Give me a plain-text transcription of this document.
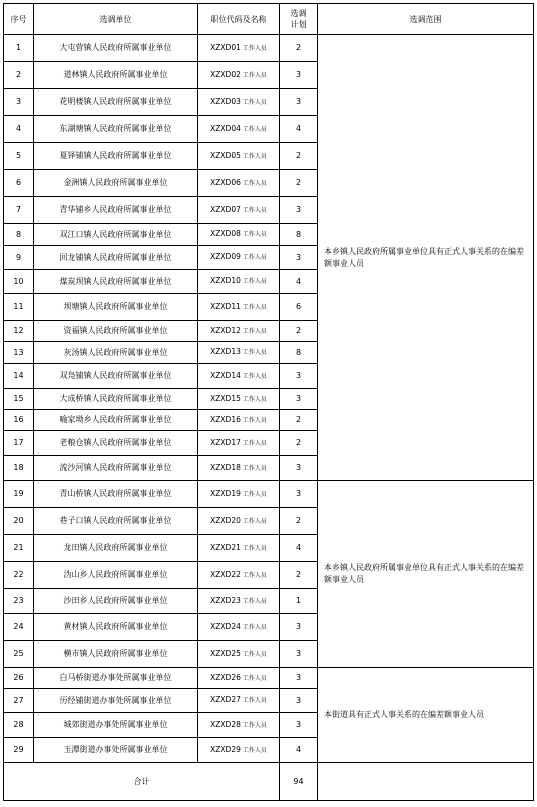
序号	选调单位	职位代码及名称	选调
计划	选调范围
1	大屯营镇人民政府所属事业单位	XZXD01 工作人员	2	本乡镇人民政府所属事业单位具有正式人事关系的在编差额事业人员
2	道林镇人民政府所属事业单位	XZXD02 工作人员	3	
3	花明楼镇人民政府所属事业单位	XZXD03 工作人员	3	
4	东湖塘镇人民政府所属事业单位	XZXD04 工作人员	4	
5	夏铎铺镇人民政府所属事业单位	XZXD05 工作人员	2	
6	金洲镇人民政府所属事业单位	XZXD06 工作人员	2	
7	青华铺乡人民政府所属事业单位	XZXD07 工作人员	3	
8	双江口镇人民政府所属事业单位	XZXD08 工作人员	8	
9	回龙铺镇人民政府所属事业单位	XZXD09 工作人员	3	
10	煤炭坝镇人民政府所属事业单位	XZXD10 工作人员	4	
11	坝塘镇人民政府所属事业单位	XZXD11 工作人员	6	
12	资福镇人民政府所属事业单位	XZXD12 工作人员	2	
13	灰汤镇人民政府所属事业单位	XZXD13 工作人员	8	
14	双凫铺镇人民政府所属事业单位	XZXD14 工作人员	3	
15	大成桥镇人民政府所属事业单位	XZXD15 工作人员	3	
16	喻家坳乡人民政府所属事业单位	XZXD16 工作人员	2	
17	老粮仓镇人民政府所属事业单位	XZXD17 工作人员	2	
18	流沙河镇人民政府所属事业单位	XZXD18 工作人员	3	
19	青山桥镇人民政府所属事业单位	XZXD19 工作人员	3	本乡镇人民政府所属事业单位具有正式人事关系的在编差额事业人员
20	巷子口镇人民政府所属事业单位	XZXD20 工作人员	2	
21	龙田镇人民政府所属事业单位	XZXD21 工作人员	4	
22	沩山乡人民政府所属事业单位	XZXD22 工作人员	2	
23	沙田乡人民政府所属事业单位	XZXD23 工作人员	1	
24	黄材镇人民政府所属事业单位	XZXD24 工作人员	3	
25	横市镇人民政府所属事业单位	XZXD25 工作人员	3	
26	白马桥街道办事处所属事业单位	XZXD26 工作人员	3	本街道具有正式人事关系的在编差额事业人员
27	历经铺街道办事处所属事业单位	XZXD27 工作人员	3	
28	城郊街道办事处所属事业单位	XZXD28 工作人员	3	
29	玉潭街道办事处所属事业单位	XZXD29 工作人员	4	
合计			94	
